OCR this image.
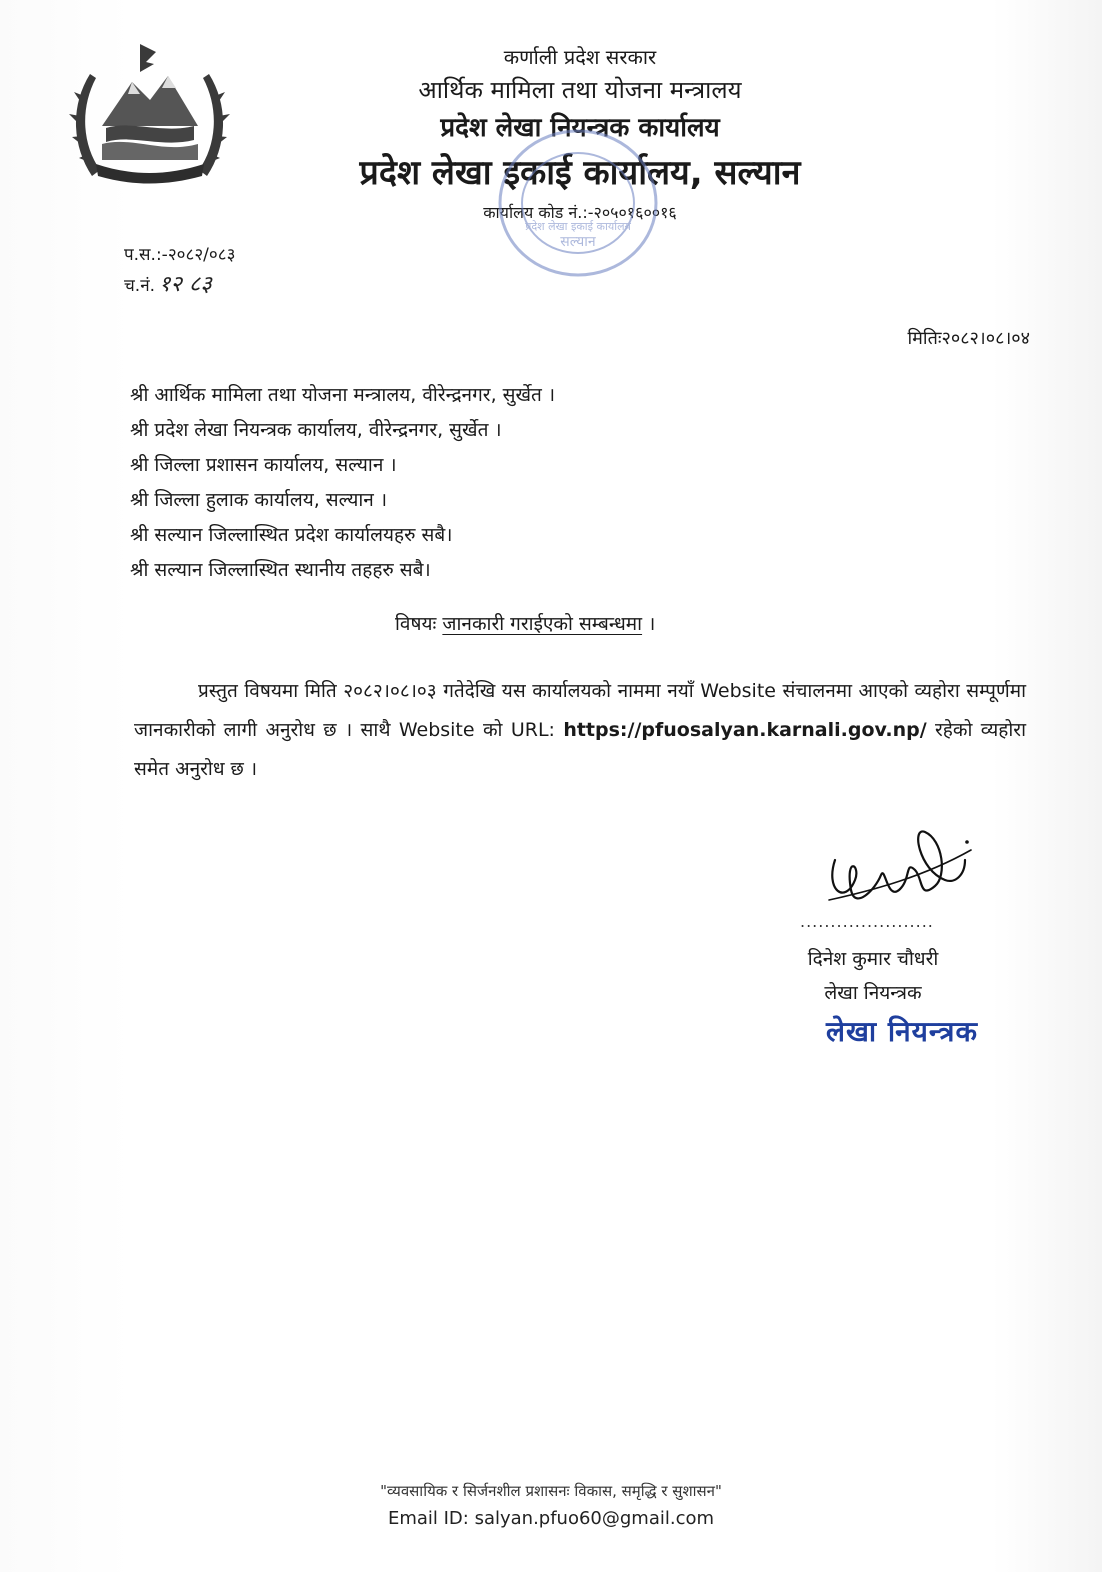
कर्णाली प्रदेश सरकार
आर्थिक मामिला तथा योजना मन्त्रालय
प्रदेश लेखा नियन्त्रक कार्यालय
प्रदेश लेखा इकाई कार्यालय, सल्यान
कार्यालय कोड नं.:-२०५०१६००१६
सल्यान
प्रदेश लेखा इकाई कार्यालय
प.स.:-२०८२/०८३
च.नं. १२ ८३
मितिः२०८२।०८।०४
श्री आर्थिक मामिला तथा योजना मन्त्रालय, वीरेन्द्रनगर, सुर्खेत ।
श्री प्रदेश लेखा नियन्त्रक कार्यालय, वीरेन्द्रनगर, सुर्खेत ।
श्री जिल्ला प्रशासन कार्यालय, सल्यान ।
श्री जिल्ला हुलाक कार्यालय, सल्यान ।
श्री सल्यान जिल्लास्थित प्रदेश कार्यालयहरु सबै।
श्री सल्यान जिल्लास्थित स्थानीय तहहरु सबै।
विषयः जानकारी गराईएको सम्बन्धमा ।
प्रस्तुत विषयमा मिति २०८२।०८।०३ गतेदेखि यस कार्यालयको नाममा नयाँ Website संचालनमा आएको व्यहोरा सम्पूर्णमा जानकारीको लागी अनुरोध छ । साथै Website को URL: https://pfuosalyan.karnali.gov.np/ रहेको व्यहोरा समेत अनुरोध छ ।
......................
दिनेश कुमार चौधरी
लेखा नियन्त्रक
लेखा नियन्त्रक
"व्यवसायिक र सिर्जनशील प्रशासनः विकास, समृद्धि र सुशासन"
Email ID: salyan.pfuo60@gmail.com
